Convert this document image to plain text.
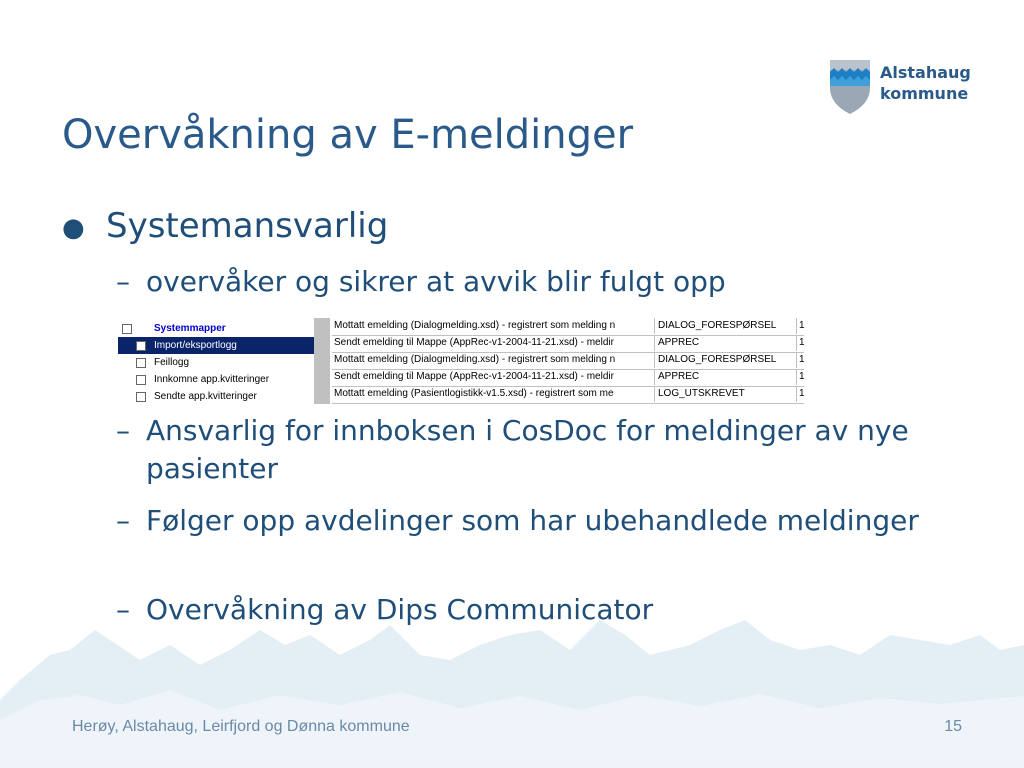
Overvåkning av E-meldinger
Alstahaug
kommune
● Systemansvarlig
– overvåker og sikrer at avvik blir fulgt opp
Systemmapper
Import/eksportlogg
Feillogg
Innkomne app.kvitteringer
Sendte app.kvitteringer
Mottatt emelding (Dialogmelding.xsd) - registrert som melding n	DIALOG_FORESPØRSEL	1
Sendt emelding til Mappe (AppRec-v1-2004-11-21.xsd) - meldir	APPREC	1
Mottatt emelding (Dialogmelding.xsd) - registrert som melding n	DIALOG_FORESPØRSEL	1
Sendt emelding til Mappe (AppRec-v1-2004-11-21.xsd) - meldir	APPREC	1
Mottatt emelding (Pasientlogistikk-v1.5.xsd) - registrert som me	LOG_UTSKREVET	1
– Ansvarlig for innboksen i CosDoc for meldinger av nye pasienter
– Følger opp avdelinger som har ubehandlede meldinger
– Overvåkning av Dips Communicator
Herøy, Alstahaug, Leirfjord og Dønna kommune	15
